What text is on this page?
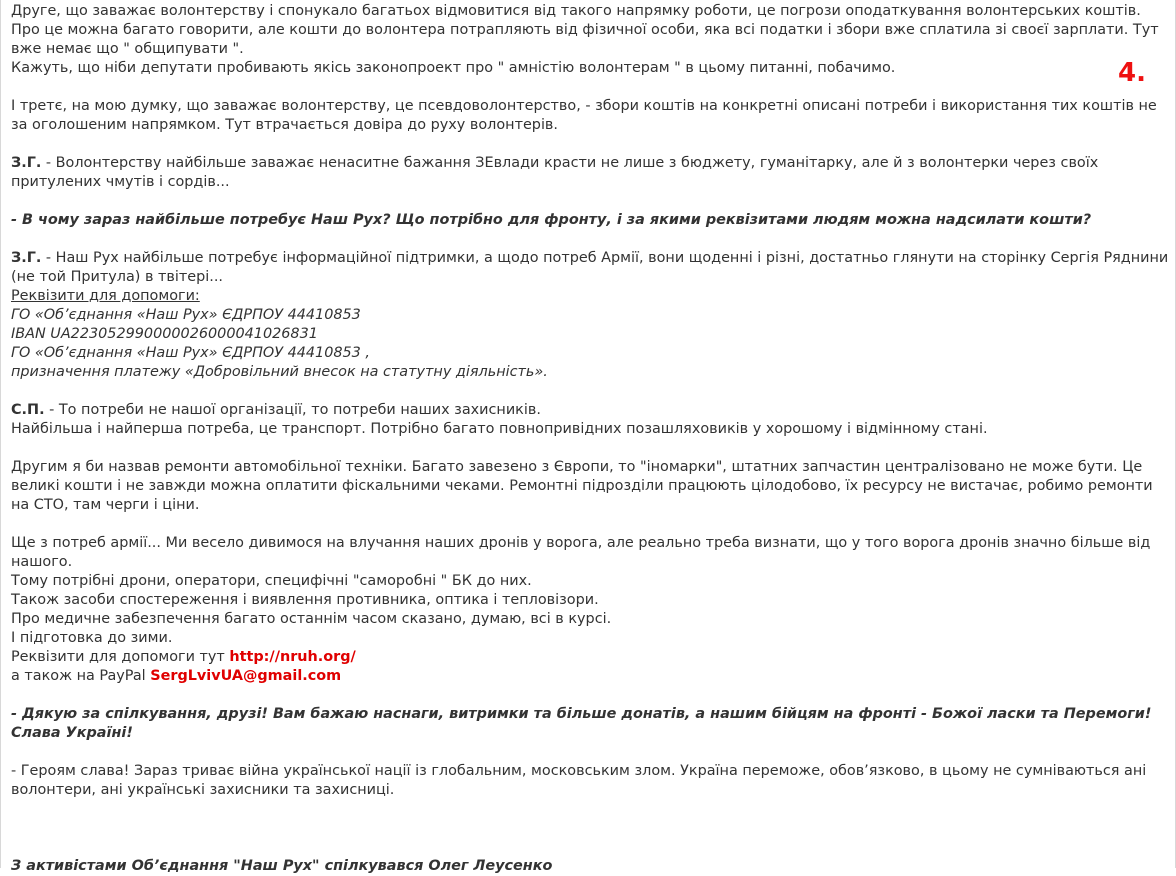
Друге, що заважає волонтерству і спонукало багатьох відмовитися від такого напрямку роботи, це погрози оподаткування волонтерських коштів. Про це можна багато говорити, але кошти до волонтера потрапляють від фізичної особи, яка всі податки і збори вже сплатила зі своєї зарплати. Тут вже немає що " общипувати ".
Кажуть, що ніби депутати пробивають якісь законопроект про " амністію волонтерам " в цьому питанні, побачимо.

І третє, на мою думку, що заважає волонтерству, це псевдоволонтерство, - збори коштів на конкретні описані потреби і використання тих коштів не за оголошеним напрямком. Тут втрачається довіра до руху волонтерів.

З.Г. - Волонтерству найбільше заважає ненаситне бажання ЗЕвлади красти не лише з бюджету, гуманітарку, але й з волонтерки через своїх притулених чмутів і сордів...

- В чому зараз найбільше потребує Наш Рух? Що потрібно для фронту, і за якими реквізитами людям можна надсилати кошти?

З.Г. - Наш Рух найбільше потребує інформаційної підтримки, а щодо потреб Армії, вони щоденні і різні, достатньо глянути на сторінку Сергія Ряднини (не той Притула) в твітері...
Реквізити для допомоги:
ГО «Об’єднання «Наш Рух» ЄДРПОУ 44410853
IBAN UA223052990000026000041026831
ГО «Об’єднання «Наш Рух» ЄДРПОУ 44410853 ,
призначення платежу «Добровільний внесок на статутну діяльність».

С.П. - То потреби не нашої організації, то потреби наших захисників.
Найбільша і найперша потреба, це транспорт. Потрібно багато повнопривідних позашляховиків у хорошому і відмінному стані.

Другим я би назвав ремонти автомобільної техніки. Багато завезено з Європи, то "іномарки", штатних запчастин централізовано не може бути. Це великі кошти і не завжди можна оплатити фіскальними чеками. Ремонтні підрозділи працюють цілодобово, їх ресурсу не вистачає, робимо ремонти на СТО, там черги і ціни.

Ще з потреб армії... Ми весело дивимося на влучання наших дронів у ворога, але реально треба визнати, що у того ворога дронів значно більше від нашого.
Тому потрібні дрони, оператори, специфічні "саморобні " БК до них.
Також засоби спостереження і виявлення противника, оптика і тепловізори.
Про медичне забезпечення багато останнім часом сказано, думаю, всі в курсі.
І підготовка до зими.
Реквізити для допомоги тут http://nruh.org/
а також на PayPal SergLvivUA@gmail.com

- Дякую за спілкування, друзі! Вам бажаю наснаги, витримки та більше донатів, а нашим бійцям на фронті - Божої ласки та Перемоги! Слава Україні!

- Героям слава! Зараз триває війна української нації із глобальним, московським злом. Україна переможе, обов’язково, в цьому не сумніваються ані волонтери, ані українські захисники та захисниці.

З активістами Об’єднання "Наш Рух" спілкувався Олег Леусенко

4.
